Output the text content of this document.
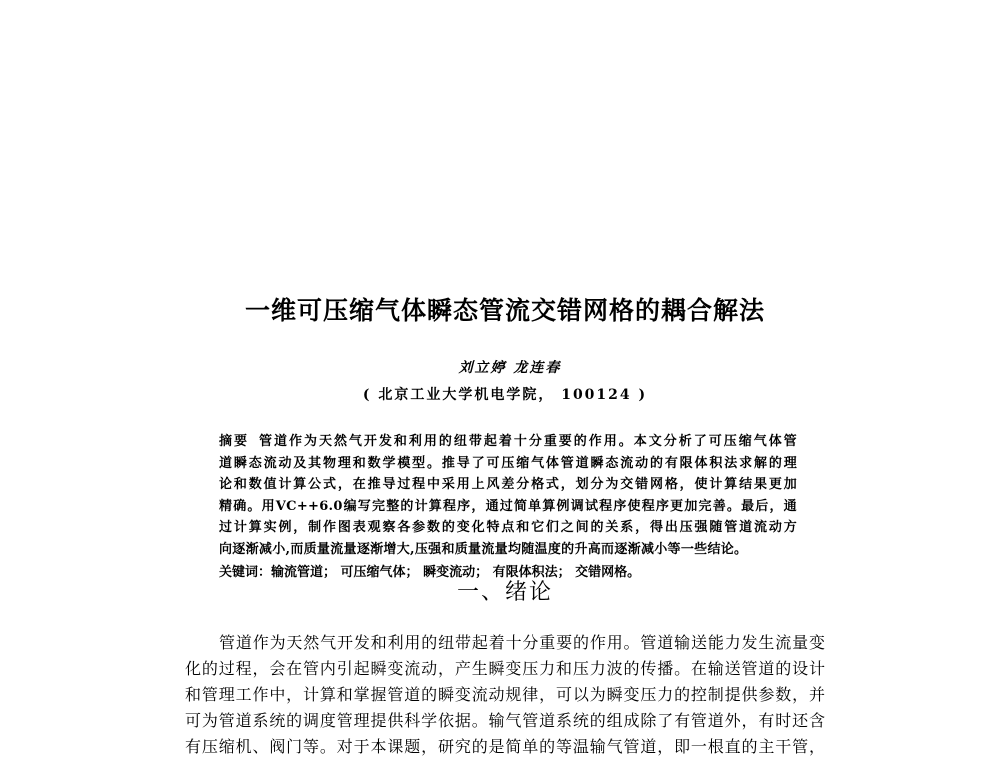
一维可压缩气体瞬态管流交错网格的耦合解法
刘立婷 龙连春
( 北京工业大学机电学院， 100124 )
摘要 管道作为天然气开发和利用的纽带起着十分重要的作用。本文分析了可压缩气体管
道瞬态流动及其物理和数学模型。推导了可压缩气体管道瞬态流动的有限体积法求解的理
论和数值计算公式，在推导过程中采用上风差分格式，划分为交错网格，使计算结果更加
精确。用VC++6.0编写完整的计算程序，通过简单算例调试程序使程序更加完善。最后，通
过计算实例，制作图表观察各参数的变化特点和它们之间的关系，得出压强随管道流动方
向逐渐减小,而质量流量逐渐增大,压强和质量流量均随温度的升高而逐渐减小等一些结论。
关键词：输流管道； 可压缩气体； 瞬变流动； 有限体积法； 交错网格。
一、绪论
管道作为天然气开发和利用的纽带起着十分重要的作用。管道输送能力发生流量变
化的过程，会在管内引起瞬变流动，产生瞬变压力和压力波的传播。在输送管道的设计
和管理工作中，计算和掌握管道的瞬变流动规律，可以为瞬变压力的控制提供参数，并
可为管道系统的调度管理提供科学依据。输气管道系统的组成除了有管道外，有时还含
有压缩机、阀门等。对于本课题，研究的是简单的等温输气管道，即一根直的主干管，
